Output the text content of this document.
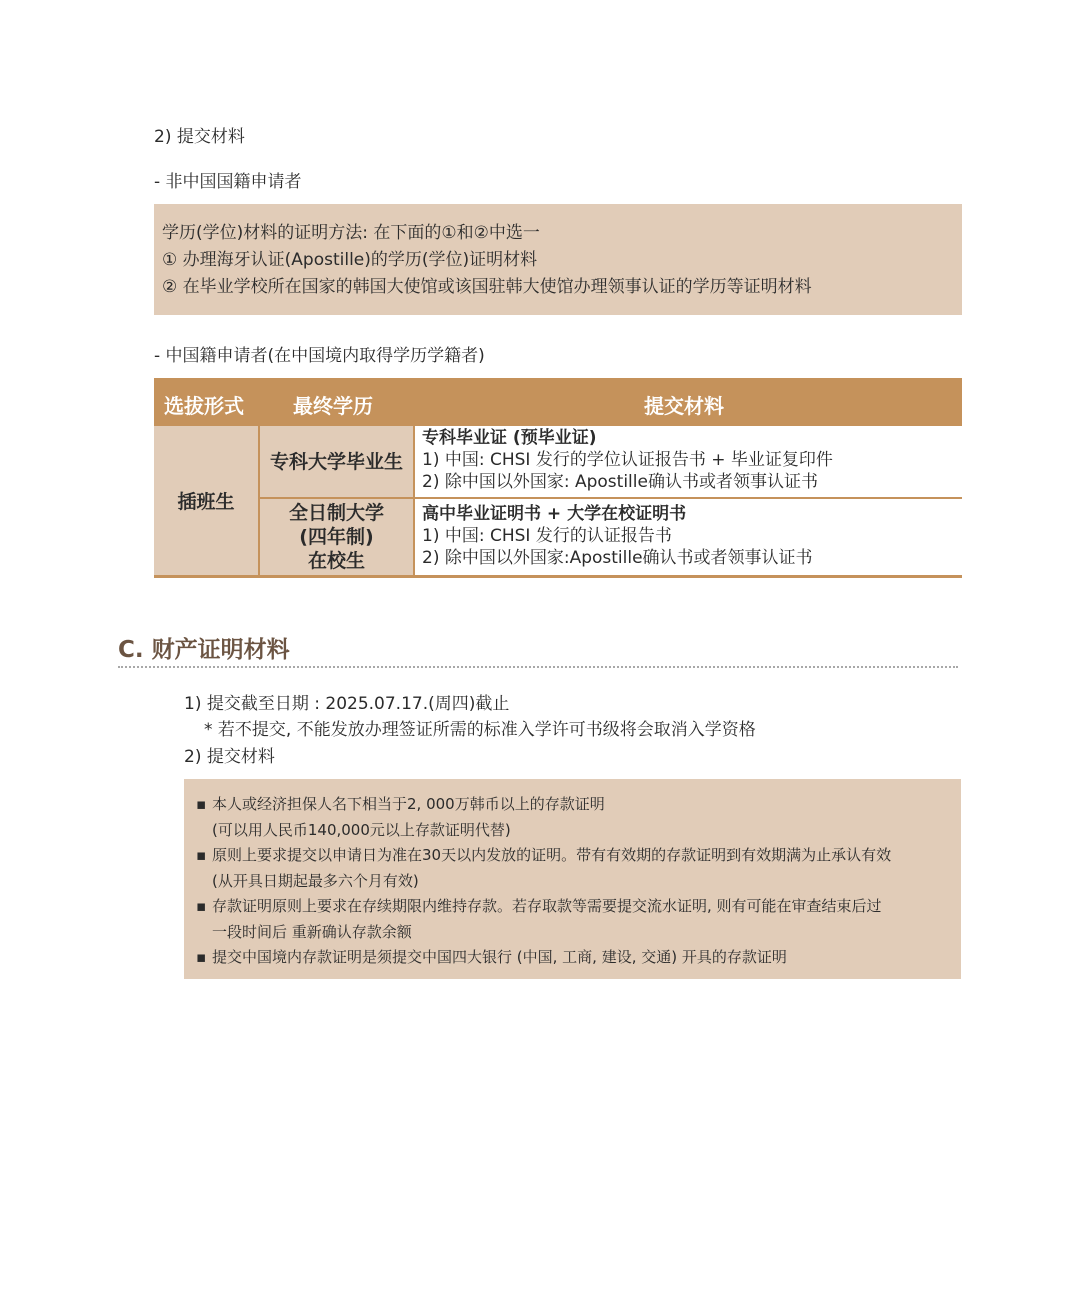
2) 提交材料
- 非中国国籍申请者
学历(学位)材料的证明方法: 在下面的①和②中选一
① 办理海牙认证(Apostille)的学历(学位)证明材料
② 在毕业学校所在国家的韩国大使馆或该国驻韩大使馆办理领事认证的学历等证明材料
- 中国籍申请者(在中国境内取得学历学籍者)
选拔形式 最终学历	提交材料
插班生
专科大学毕业生
全日制大学
(四年制)
在校生
专科毕业证 (预毕业证)
1) 中国: CHSI 发行的学位认证报告书 + 毕业证复印件
2) 除中国以外国家: Apostille确认书或者领事认证书
高中毕业证明书 + 大学在校证明书
1) 中国: CHSI 发行的认证报告书
2) 除中国以外国家:Apostille确认书或者领事认证书
C. 财产证明材料
1) 提交截至日期 : 2025.07.17.(周四)截止
* 若不提交, 不能发放办理签证所需的标准入学许可书级将会取消入学资格
2) 提交材料
▪ 本人或经济担保人名下相当于2, 000万韩币以上的存款证明
(可以用人民币140,000元以上存款证明代替)
▪ 原则上要求提交以申请日为准在30天以内发放的证明。带有有效期的存款证明到有效期满为止承认有效
(从开具日期起最多六个月有效)
▪ 存款证明原则上要求在存续期限内维持存款。若存取款等需要提交流水证明, 则有可能在审查结束后过
一段时间后 重新确认存款余额
▪ 提交中国境内存款证明是须提交中国四大银行 (中国, 工商, 建设, 交通) 开具的存款证明
